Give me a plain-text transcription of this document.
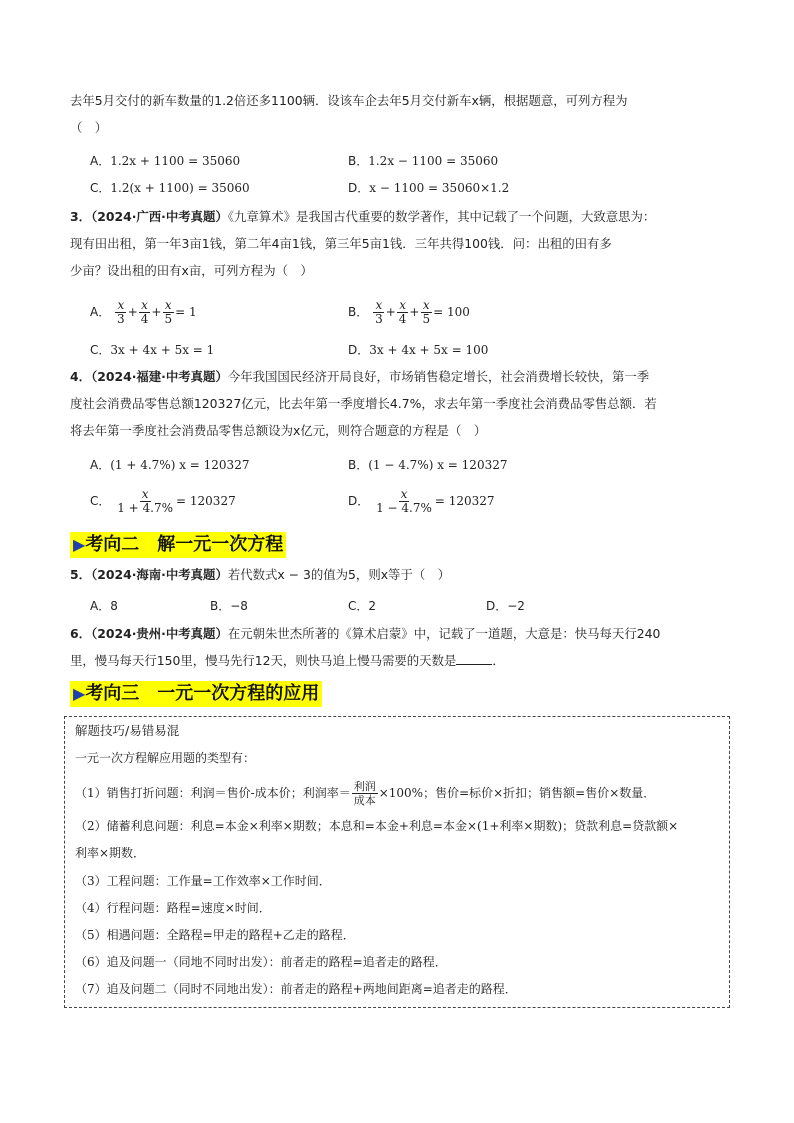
去年5月交付的新车数量的1.2倍还多1100辆．设该车企去年5月交付新车x辆，根据题意，可列方程为
（　）
A．1.2x + 1100 = 35060	B．1.2x − 1100 = 35060
C．1.2(x + 1100) = 35060	D．x − 1100 = 35060×1.2
3．（2024·广西·中考真题）《九章算术》是我国古代重要的数学著作，其中记载了一个问题，大致意思为：
现有田出租，第一年3亩1钱，第二年4亩1钱，第三年5亩1钱．三年共得100钱．问：出租的田有多
少亩？设出租的田有x亩，可列方程为（　）
A． $\frac{x}{3} + \frac{x}{4} + \frac{x}{5} = 1$	B． $\frac{x}{3} + \frac{x}{4} + \frac{x}{5} = 100$
C．3x + 4x + 5x = 1	D．3x + 4x + 5x = 100
4．（2024·福建·中考真题）今年我国国民经济开局良好，市场销售稳定增长，社会消费增长较快，第一季
度社会消费品零售总额120327亿元，比去年第一季度增长4.7%，求去年第一季度社会消费品零售总额．若
将去年第一季度社会消费品零售总额设为x亿元，则符合题意的方程是（　）
A．(1 + 4.7%) x = 120327	B．(1 − 4.7%) x = 120327
C． $\frac{x}{1 + 4.7\%} = 120327$	D． $\frac{x}{1 - 4.7\%} = 120327$
▶考向二　解一元一次方程
5．（2024·海南·中考真题）若代数式x − 3的值为5，则x等于（　）
A．8	B．−8	C．2	D．−2
6．（2024·贵州·中考真题）在元朝朱世杰所著的《算术启蒙》中，记载了一道题，大意是：快马每天行240
里，慢马每天行150里，慢马先行12天，则快马追上慢马需要的天数是	．
▶考向三　一元一次方程的应用
解题技巧/易错易混
一元一次方程解应用题的类型有：
（1）销售打折问题：利润＝售价-成本价；利润率＝ $\frac{\text{利润}}{\text{成本}} \times 100\%$；售价=标价×折扣；销售额=售价×数量．
（2）储蓄利息问题：利息=本金×利率×期数；本息和=本金+利息=本金×(1+利率×期数)；贷款利息=贷款额×
利率×期数．
（3）工程问题：工作量=工作效率×工作时间．
（4）行程问题：路程=速度×时间．
（5）相遇问题：全路程=甲走的路程+乙走的路程．
（6）追及问题一（同地不同时出发）：前者走的路程=追者走的路程．
（7）追及问题二（同时不同地出发）：前者走的路程+两地间距离=追者走的路程．
